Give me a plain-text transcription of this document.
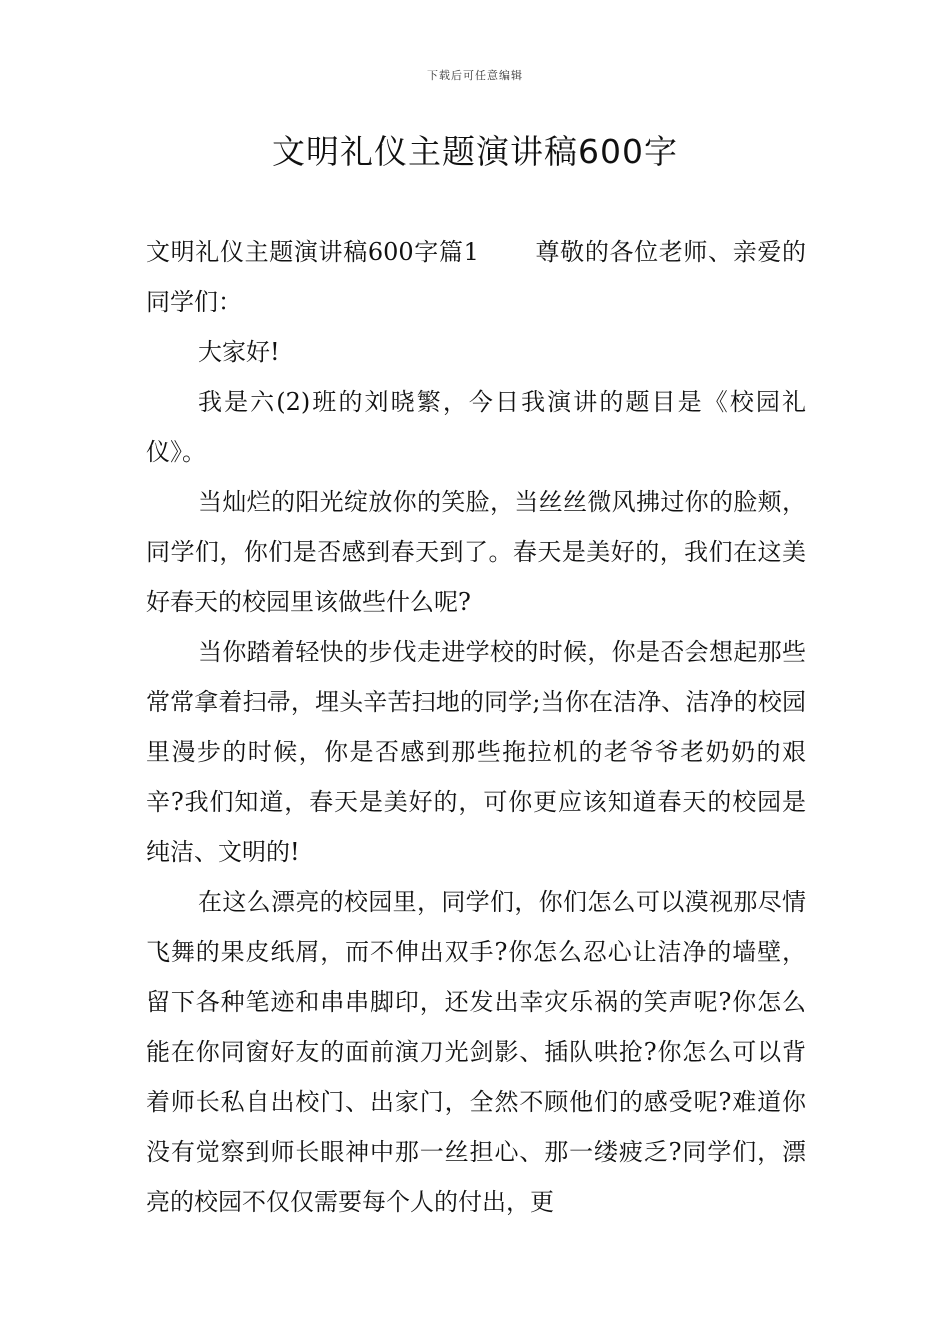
下载后可任意编辑
文明礼仪主题演讲稿600字

文明礼仪主题演讲稿600字篇1 尊敬的各位老师、亲爱的同学们：

大家好!

我是六(2)班的刘晓繁，今日我演讲的题目是《校园礼仪》。

当灿烂的阳光绽放你的笑脸，当丝丝微风拂过你的脸颊，同学们，你们是否感到春天到了。春天是美好的，我们在这美好春天的校园里该做些什么呢?

当你踏着轻快的步伐走进学校的时候，你是否会想起那些常常拿着扫帚，埋头辛苦扫地的同学;当你在洁净、洁净的校园里漫步的时候，你是否感到那些拖拉机的老爷爷老奶奶的艰辛?我们知道，春天是美好的，可你更应该知道春天的校园是纯洁、文明的!

在这么漂亮的校园里，同学们，你们怎么可以漠视那尽情飞舞的果皮纸屑，而不伸出双手?你怎么忍心让洁净的墙壁，留下各种笔迹和串串脚印，还发出幸灾乐祸的笑声呢?你怎么能在你同窗好友的面前演刀光剑影、插队哄抢?你怎么可以背着师长私自出校门、出家门，全然不顾他们的感受呢?难道你没有觉察到师长眼神中那一丝担心、那一缕疲乏?同学们，漂亮的校园不仅仅需要每个人的付出，更
